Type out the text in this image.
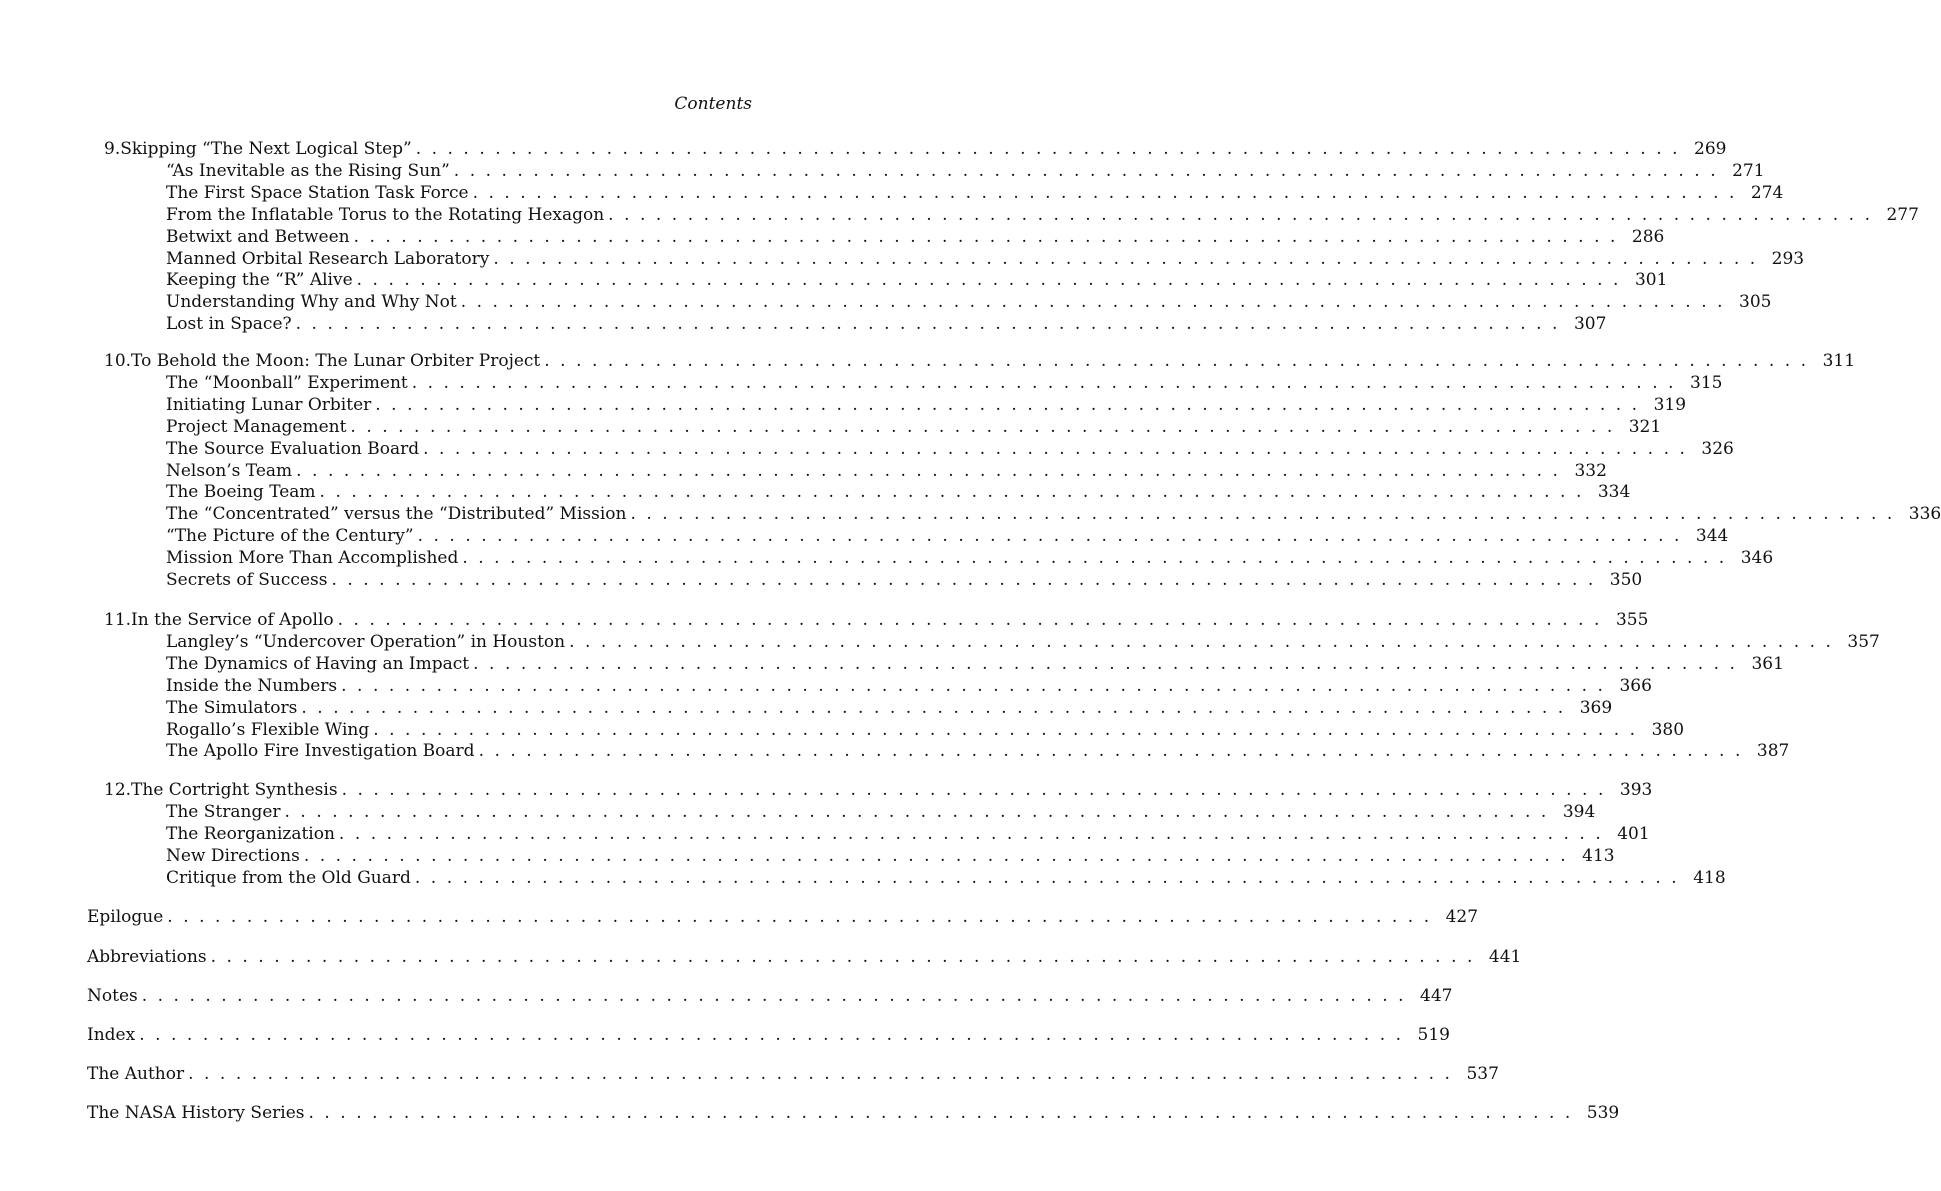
Contents
9. Skipping “The Next Logical Step” ................................................................................ 269
“As Inevitable as the Rising Sun” ................................................................................ 271
The First Space Station Task Force ................................................................................ 274
From the Inflatable Torus to the Rotating Hexagon ................................................................................ 277
Betwixt and Between ................................................................................ 286
Manned Orbital Research Laboratory ................................................................................ 293
Keeping the “R” Alive ................................................................................ 301
Understanding Why and Why Not ................................................................................ 305
Lost in Space? ................................................................................ 307
10. To Behold the Moon: The Lunar Orbiter Project ................................................................................ 311
The “Moonball” Experiment ................................................................................ 315
Initiating Lunar Orbiter ................................................................................ 319
Project Management ................................................................................ 321
The Source Evaluation Board ................................................................................ 326
Nelson’s Team ................................................................................ 332
The Boeing Team ................................................................................ 334
The “Concentrated” versus the “Distributed” Mission ................................................................................ 336
“The Picture of the Century” ................................................................................ 344
Mission More Than Accomplished ................................................................................ 346
Secrets of Success ................................................................................ 350
11. In the Service of Apollo ................................................................................ 355
Langley’s “Undercover Operation” in Houston ................................................................................ 357
The Dynamics of Having an Impact ................................................................................ 361
Inside the Numbers ................................................................................ 366
The Simulators ................................................................................ 369
Rogallo’s Flexible Wing ................................................................................ 380
The Apollo Fire Investigation Board ................................................................................ 387
12. The Cortright Synthesis ................................................................................ 393
The Stranger ................................................................................ 394
The Reorganization ................................................................................ 401
New Directions ................................................................................ 413
Critique from the Old Guard ................................................................................ 418
Epilogue ................................................................................ 427
Abbreviations ................................................................................ 441
Notes ................................................................................ 447
Index ................................................................................ 519
The Author ................................................................................ 537
The NASA History Series ................................................................................ 539
